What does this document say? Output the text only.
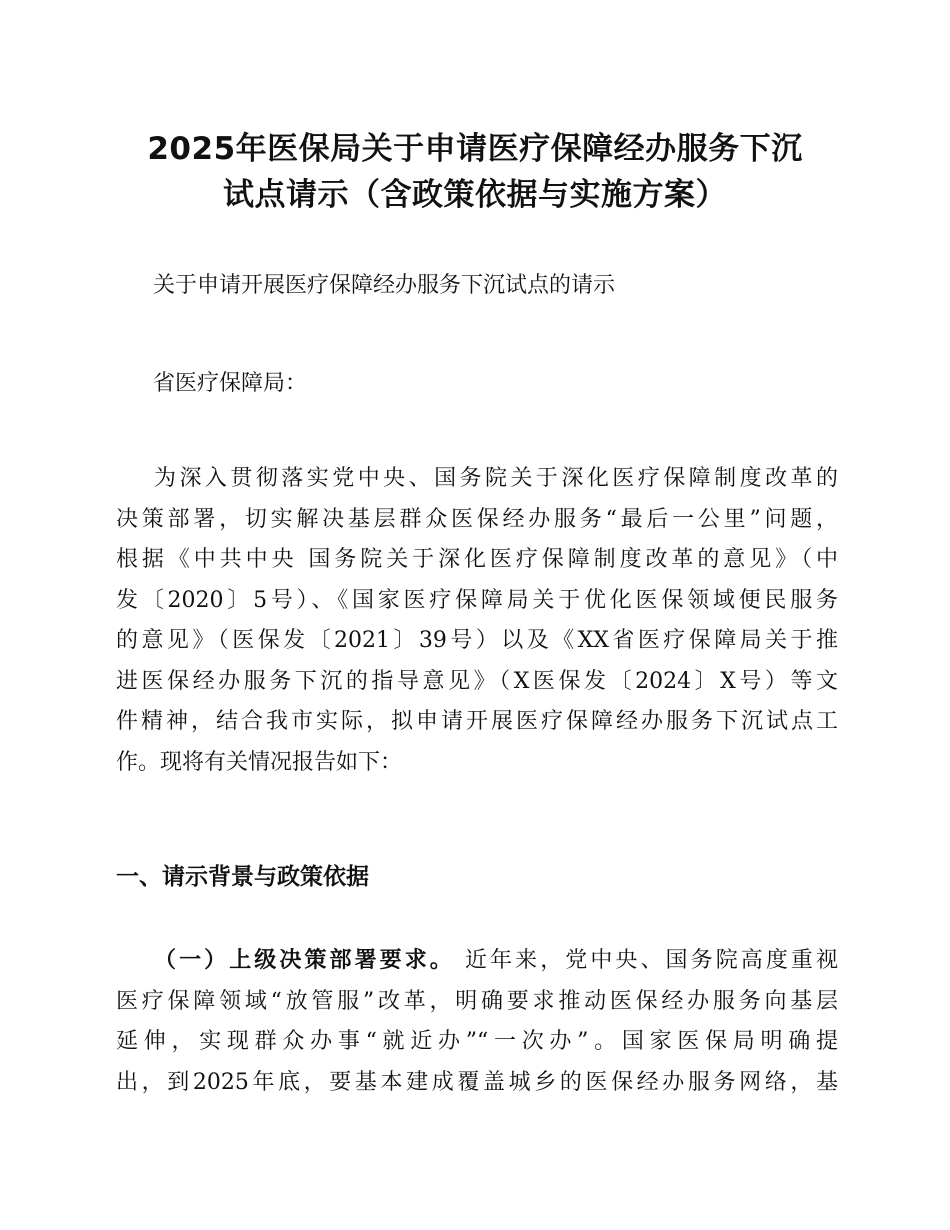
2025年医保局关于申请医疗保障经办服务下沉
试点请示（含政策依据与实施方案）
关于申请开展医疗保障经办服务下沉试点的请示
省医疗保障局：
为深入贯彻落实党中央、国务院关于深化医疗保障制度改革的
决策部署，切实解决基层群众医保经办服务“最后一公里”问题，
根据《中共中央 国务院关于深化医疗保障制度改革的意见》（中
发〔2020〕5号）、《国家医疗保障局关于优化医保领域便民服务
的意见》（医保发〔2021〕39号）以及《XX省医疗保障局关于推
进医保经办服务下沉的指导意见》（X医保发〔2024〕X号）等文
件精神，结合我市实际，拟申请开展医疗保障经办服务下沉试点工
作。现将有关情况报告如下：
一、请示背景与政策依据
（一）上级决策部署要求。 近年来，党中央、国务院高度重视
医疗保障领域“放管服”改革，明确要求推动医保经办服务向基层
延伸，实现群众办事“就近办”“一次办”。国家医保局明确提
出，到2025年底，要基本建成覆盖城乡的医保经办服务网络，基
